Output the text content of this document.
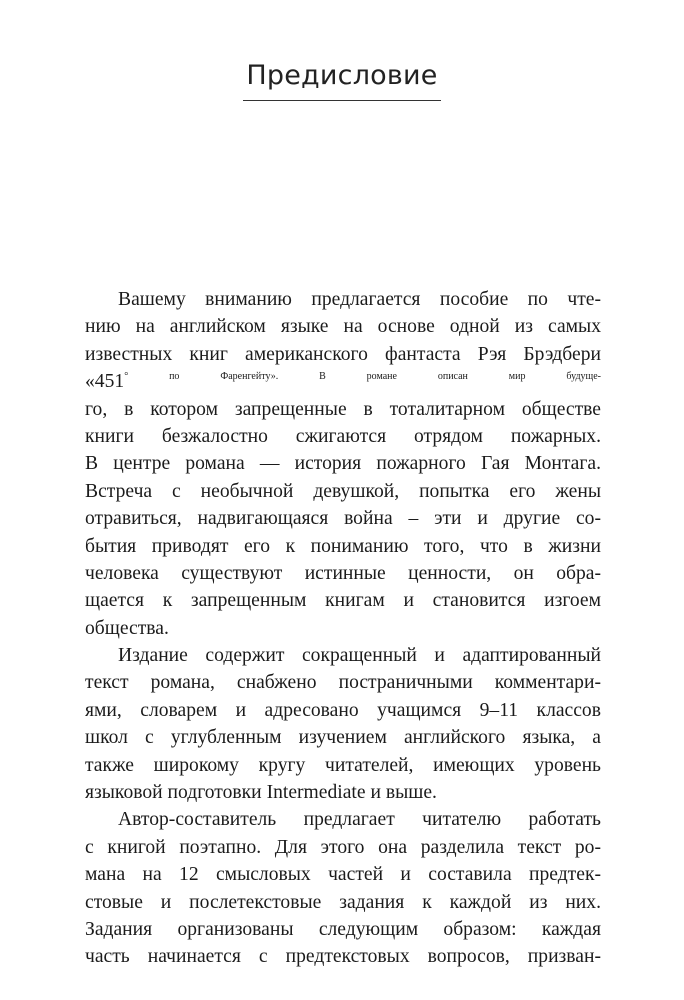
Предисловие
Вашему вниманию предлагается пособие по чте-
нию на английском языке на основе одной из самых
известных книг американского фантаста Рэя Брэдбери
«$451^{^\circ по Фаренгейту». В романе описан мир будуще-}$
го, в котором запрещенные в тоталитарном обществе
книги безжалостно сжигаются отрядом пожарных.
В центре романа — история пожарного Гая Монтага.
Встреча с необычной девушкой, попытка его жены
отравиться, надвигающаяся война – эти и другие со-
бытия приводят его к пониманию того, что в жизни
человека существуют истинные ценности, он обра-
щается к запрещенным книгам и становится изгоем
общества.
Издание содержит сокращенный и адаптированный
текст романа, снабжено постраничными комментари-
ями, словарем и адресовано учащимся 9–11 классов
школ с углубленным изучением английского языка, а
также широкому кругу читателей, имеющих уровень
языковой подготовки Intermediate и выше.
Автор-составитель предлагает читателю работать
с книгой поэтапно. Для этого она разделила текст ро-
мана на 12 смысловых частей и составила предтек-
стовые и послетекстовые задания к каждой из них.
Задания организованы следующим образом: каждая
часть начинается с предтекстовых вопросов, призван-
